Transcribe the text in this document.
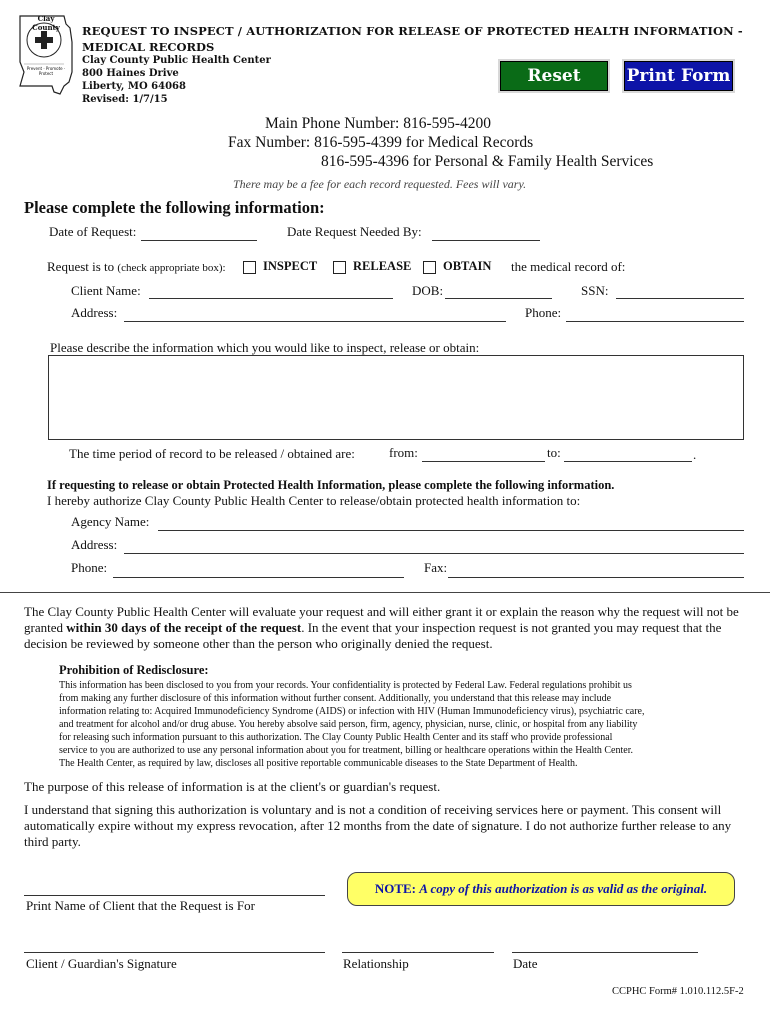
Clay County
Prevent · Promote · Protect
REQUEST TO INSPECT / AUTHORIZATION FOR RELEASE OF PROTECTED HEALTH INFORMATION -
MEDICAL RECORDS
Clay County Public Health Center
800 Haines Drive
Liberty, MO 64068
Revised: 1/7/15
Reset Form
Print Form
Main Phone Number: 816-595-4200
Fax Number: 816-595-4399 for Medical Records
816-595-4396 for Personal & Family Health Services
There may be a fee for each record requested. Fees will vary.
Please complete the following information:
Date of Request:	Date Request Needed By:
Request is to (check appropriate box):	INSPECT	RELEASE	OBTAIN the medical record of:
Client Name:	DOB:	SSN:
Address:	Phone:
Please describe the information which you would like to inspect, release or obtain:
The time period of record to be released / obtained are:	from:	to:	.
If requesting to release or obtain Protected Health Information, please complete the following information.
I hereby authorize Clay County Public Health Center to release/obtain protected health information to:
Agency Name:
Address:
Phone:	Fax:
The Clay County Public Health Center will evaluate your request and will either grant it or explain the reason why the request will not be granted within 30 days of the receipt of the request. In the event that your inspection request is not granted you may request that the decision be reviewed by someone other than the person who originally denied the request.
Prohibition of Redisclosure:
This information has been disclosed to you from your records. Your confidentiality is protected by Federal Law. Federal regulations prohibit us
from making any further disclosure of this information without further consent. Additionally, you understand that this release may include
information relating to: Acquired Immunodeficiency Syndrome (AIDS) or infection with HIV (Human Immunodeficiency virus), psychiatric care,
and treatment for alcohol and/or drug abuse. You hereby absolve said person, firm, agency, physician, nurse, clinic, or hospital from any liability
for releasing such information pursuant to this authorization. The Clay County Public Health Center and its staff who provide professional
service to you are authorized to use any personal information about you for treatment, billing or healthcare operations within the Health Center.
The Health Center, as required by law, discloses all positive reportable communicable diseases to the State Department of Health.
The purpose of this release of information is at the client's or guardian's request.
I understand that signing this authorization is voluntary and is not a condition of receiving services here or payment. This consent will automatically expire without my express revocation, after 12 months from the date of signature. I do not authorize further release to any third party.
NOTE: A copy of this authorization is as valid as the original.
Print Name of Client that the Request is For
Client / Guardian's Signature	Relationship	Date
CCPHC Form# 1.010.112.5F-2
